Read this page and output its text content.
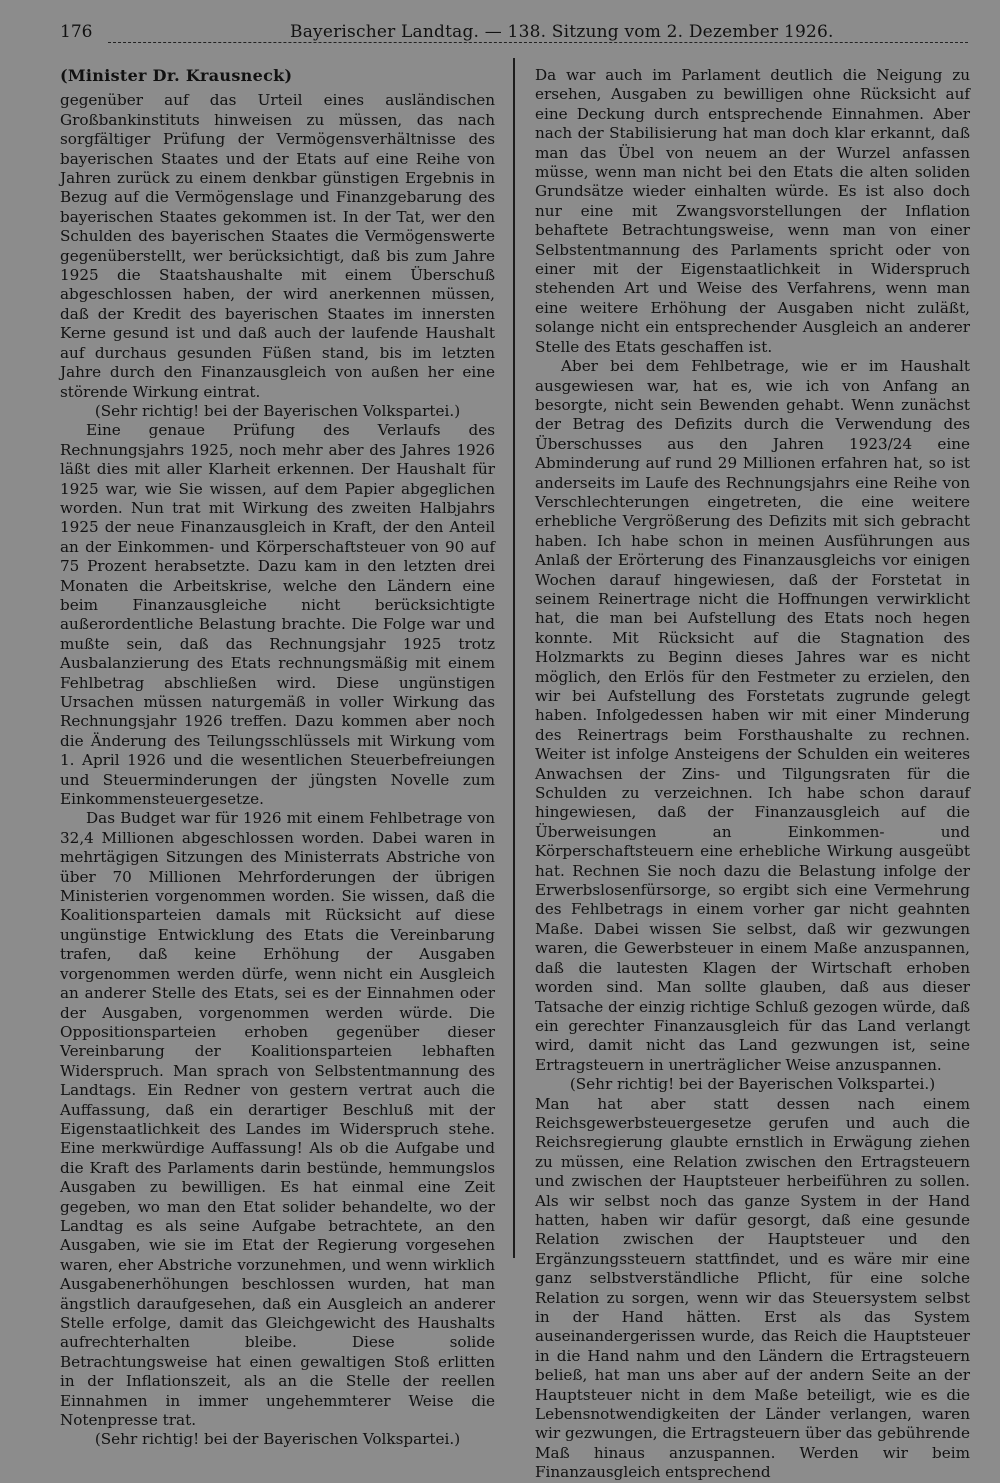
176	Bayerischer Landtag. — 138. Sitzung vom 2. Dezember 1926.
(Minister Dr. Krausneck)

gegenüber auf das Urteil eines ausländischen Großbankinstituts hinweisen zu müssen, das nach sorgfältiger Prüfung der Vermögensverhältnisse des bayerischen Staates und der Etats auf eine Reihe von Jahren zurück zu einem denkbar günstigen Ergebnis in Bezug auf die Vermögenslage und Finanzgebarung des bayerischen Staates gekommen ist. In der Tat, wer den Schulden des bayerischen Staates die Vermögenswerte gegenüberstellt, wer berücksichtigt, daß bis zum Jahre 1925 die Staatshaushalte mit einem Überschuß abgeschlossen haben, der wird anerkennen müssen, daß der Kredit des bayerischen Staates im innersten Kerne gesund ist und daß auch der laufende Haushalt auf durchaus gesunden Füßen stand, bis im letzten Jahre durch den Finanzausgleich von außen her eine störende Wirkung eintrat.

(Sehr richtig! bei der Bayerischen Volkspartei.)

Eine genaue Prüfung des Verlaufs des Rechnungsjahrs 1925, noch mehr aber des Jahres 1926 läßt dies mit aller Klarheit erkennen. Der Haushalt für 1925 war, wie Sie wissen, auf dem Papier abgeglichen worden. Nun trat mit Wirkung des zweiten Halbjahrs 1925 der neue Finanzausgleich in Kraft, der den Anteil an der Einkommen- und Körperschaftsteuer von 90 auf 75 Prozent herabsetzte. Dazu kam in den letzten drei Monaten die Arbeitskrise, welche den Ländern eine beim Finanzausgleiche nicht berücksichtigte außerordentliche Belastung brachte. Die Folge war und mußte sein, daß das Rechnungsjahr 1925 trotz Ausbalanzierung des Etats rechnungsmäßig mit einem Fehlbetrag abschließen wird. Diese ungünstigen Ursachen müssen naturgemäß in voller Wirkung das Rechnungsjahr 1926 treffen. Dazu kommen aber noch die Änderung des Teilungsschlüssels mit Wirkung vom 1. April 1926 und die wesentlichen Steuerbefreiungen und Steuerminderungen der jüngsten Novelle zum Einkommensteuergesetze.

Das Budget war für 1926 mit einem Fehlbetrage von 32,4 Millionen abgeschlossen worden. Dabei waren in mehrtägigen Sitzungen des Ministerrats Abstriche von über 70 Millionen Mehrforderungen der übrigen Ministerien vorgenommen worden. Sie wissen, daß die Koalitionsparteien damals mit Rücksicht auf diese ungünstige Entwicklung des Etats die Vereinbarung trafen, daß keine Erhöhung der Ausgaben vorgenommen werden dürfe, wenn nicht ein Ausgleich an anderer Stelle des Etats, sei es der Einnahmen oder der Ausgaben, vorgenommen werden würde. Die Oppositionsparteien erhoben gegenüber dieser Vereinbarung der Koalitionsparteien lebhaften Widerspruch. Man sprach von Selbstentmannung des Landtags. Ein Redner von gestern vertrat auch die Auffassung, daß ein derartiger Beschluß mit der Eigenstaatlichkeit des Landes im Widerspruch stehe. Eine merkwürdige Auffassung! Als ob die Aufgabe und die Kraft des Parlaments darin bestünde, hemmungslos Ausgaben zu bewilligen. Es hat einmal eine Zeit gegeben, wo man den Etat solider behandelte, wo der Landtag es als seine Aufgabe betrachtete, an den Ausgaben, wie sie im Etat der Regierung vorgesehen waren, eher Abstriche vorzunehmen, und wenn wirklich Ausgabenerhöhungen beschlossen wurden, hat man ängstlich daraufgesehen, daß ein Ausgleich an anderer Stelle erfolge, damit das Gleichgewicht des Haushalts aufrechterhalten bleibe. Diese solide Betrachtungsweise hat einen gewaltigen Stoß erlitten in der Inflationszeit, als an die Stelle der reellen Einnahmen in immer ungehemmterer Weise die Notenpresse trat.

(Sehr richtig! bei der Bayerischen Volkspartei.)

Da war auch im Parlament deutlich die Neigung zu ersehen, Ausgaben zu bewilligen ohne Rücksicht auf eine Deckung durch entsprechende Einnahmen. Aber nach der Stabilisierung hat man doch klar erkannt, daß man das Übel von neuem an der Wurzel anfassen müsse, wenn man nicht bei den Etats die alten soliden Grundsätze wieder einhalten würde. Es ist also doch nur eine mit Zwangsvorstellungen der Inflation behaftete Betrachtungsweise, wenn man von einer Selbstentmannung des Parlaments spricht oder von einer mit der Eigenstaatlichkeit in Widerspruch stehenden Art und Weise des Verfahrens, wenn man eine weitere Erhöhung der Ausgaben nicht zuläßt, solange nicht ein entsprechender Ausgleich an anderer Stelle des Etats geschaffen ist.

Aber bei dem Fehlbetrage, wie er im Haushalt ausgewiesen war, hat es, wie ich von Anfang an besorgte, nicht sein Bewenden gehabt. Wenn zunächst der Betrag des Defizits durch die Verwendung des Überschusses aus den Jahren 1923/24 eine Abminderung auf rund 29 Millionen erfahren hat, so ist anderseits im Laufe des Rechnungsjahrs eine Reihe von Verschlechterungen eingetreten, die eine weitere erhebliche Vergrößerung des Defizits mit sich gebracht haben. Ich habe schon in meinen Ausführungen aus Anlaß der Erörterung des Finanzausgleichs vor einigen Wochen darauf hingewiesen, daß der Forstetat in seinem Reinertrage nicht die Hoffnungen verwirklicht hat, die man bei Aufstellung des Etats noch hegen konnte. Mit Rücksicht auf die Stagnation des Holzmarkts zu Beginn dieses Jahres war es nicht möglich, den Erlös für den Festmeter zu erzielen, den wir bei Aufstellung des Forstetats zugrunde gelegt haben. Infolgedessen haben wir mit einer Minderung des Reinertrags beim Forsthaushalte zu rechnen. Weiter ist infolge Ansteigens der Schulden ein weiteres Anwachsen der Zins- und Tilgungsraten für die Schulden zu verzeichnen. Ich habe schon darauf hingewiesen, daß der Finanzausgleich auf die Überweisungen an Einkommen- und Körperschaftsteuern eine erhebliche Wirkung ausgeübt hat. Rechnen Sie noch dazu die Belastung infolge der Erwerbslosenfürsorge, so ergibt sich eine Vermehrung des Fehlbetrags in einem vorher gar nicht geahnten Maße. Dabei wissen Sie selbst, daß wir gezwungen waren, die Gewerbsteuer in einem Maße anzuspannen, daß die lautesten Klagen der Wirtschaft erhoben worden sind. Man sollte glauben, daß aus dieser Tatsache der einzig richtige Schluß gezogen würde, daß ein gerechter Finanzausgleich für das Land verlangt wird, damit nicht das Land gezwungen ist, seine Ertragsteuern in unerträglicher Weise anzuspannen.

(Sehr richtig! bei der Bayerischen Volkspartei.)

Man hat aber statt dessen nach einem Reichsgewerbsteuergesetze gerufen und auch die Reichsregierung glaubte ernstlich in Erwägung ziehen zu müssen, eine Relation zwischen den Ertragsteuern und zwischen der Hauptsteuer herbeiführen zu sollen. Als wir selbst noch das ganze System in der Hand hatten, haben wir dafür gesorgt, daß eine gesunde Relation zwischen der Hauptsteuer und den Ergänzungssteuern stattfindet, und es wäre mir eine ganz selbstverständliche Pflicht, für eine solche Relation zu sorgen, wenn wir das Steuersystem selbst in der Hand hätten. Erst als das System auseinandergerissen wurde, das Reich die Hauptsteuer in die Hand nahm und den Ländern die Ertragsteuern beließ, hat man uns aber auf der andern Seite an der Hauptsteuer nicht in dem Maße beteiligt, wie es die Lebensnotwendigkeiten der Länder verlangen, waren wir gezwungen, die Ertragsteuern über das gebührende Maß hinaus anzuspannen. Werden wir beim Finanzausgleich entsprechend
